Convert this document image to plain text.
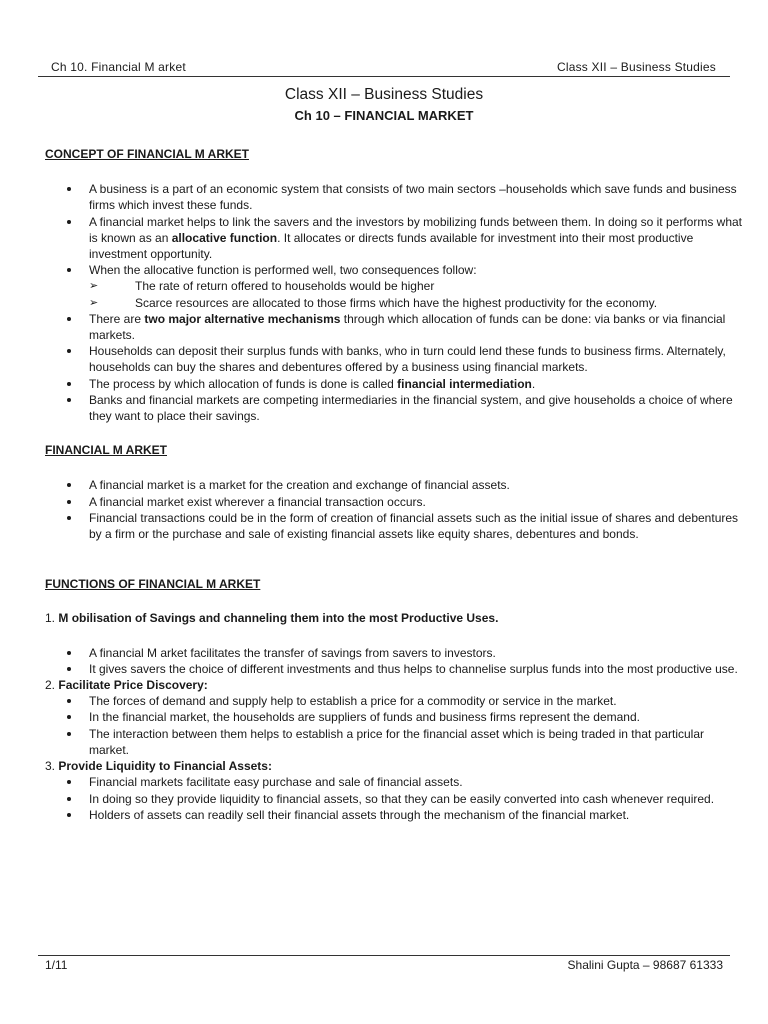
Ch 10. Financial M arket	Class XII – Business Studies
Class XII – Business Studies
Ch 10 – FINANCIAL MARKET

CONCEPT OF FINANCIAL M ARKET

A business is a part of an economic system that consists of two main sectors –households which save funds and business firms which invest these funds.
A financial market helps to link the savers and the investors by mobilizing funds between them. In doing so it performs what is known as an allocative function. It allocates or directs funds available for investment into their most productive investment opportunity.
When the allocative function is performed well, two consequences follow:
➢	The rate of return offered to households would be higher
➢	Scarce resources are allocated to those firms which have the highest productivity for the economy.
There are two major alternative mechanisms through which allocation of funds can be done: via banks or via financial markets.
Households can deposit their surplus funds with banks, who in turn could lend these funds to business firms. Alternately, households can buy the shares and debentures offered by a business using financial markets.
The process by which allocation of funds is done is called financial intermediation.
Banks and financial markets are competing intermediaries in the financial system, and give households a choice of where they want to place their savings.

FINANCIAL M ARKET

A financial market is a market for the creation and exchange of financial assets.
A financial market exist wherever a financial transaction occurs.
Financial transactions could be in the form of creation of financial assets such as the initial issue of shares and debentures by a firm or the purchase and sale of existing financial assets like equity shares, debentures and bonds.

FUNCTIONS OF FINANCIAL M ARKET

1. M obilisation of Savings and channeling them into the most Productive Uses.

A financial M arket facilitates the transfer of savings from savers to investors.
It gives savers the choice of different investments and thus helps to channelise surplus funds into the most productive use.

2. Facilitate Price Discovery:

The forces of demand and supply help to establish a price for a commodity or service in the market.
In the financial market, the households are suppliers of funds and business firms represent the demand.
The interaction between them helps to establish a price for the financial asset which is being traded in that particular market.

3. Provide Liquidity to Financial Assets:

Financial markets facilitate easy purchase and sale of financial assets.
In doing so they provide liquidity to financial assets, so that they can be easily converted into cash whenever required.
Holders of assets can readily sell their financial assets through the mechanism of the financial market.
1/11	Shalini Gupta – 98687 61333
